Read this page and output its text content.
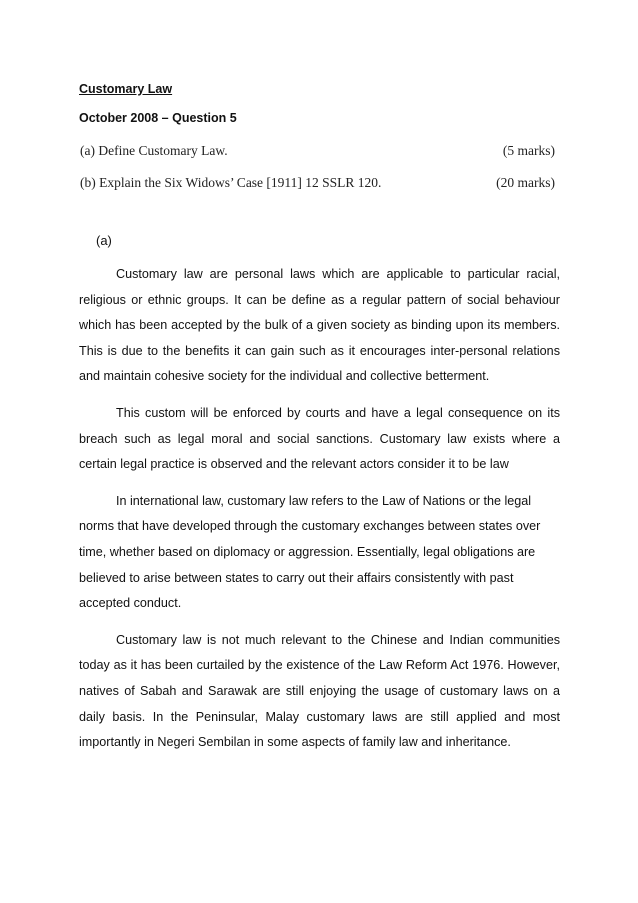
Customary Law
October 2008 – Question 5
(a) Define Customary Law.	(5 marks)
(b) Explain the Six Widows’ Case [1911] 12 SSLR 120.	(20 marks)
(a)

Customary law are personal laws which are applicable to particular racial, religious or ethnic groups. It can be define as a regular pattern of social behaviour which has been accepted by the bulk of a given society as binding upon its members. This is due to the benefits it can gain such as it encourages inter-personal relations and maintain cohesive society for the individual and collective betterment.

This custom will be enforced by courts and have a legal consequence on its breach such as legal moral and social sanctions. Customary law exists where a certain legal practice is observed and the relevant actors consider it to be law

In international law, customary law refers to the Law of Nations or the legal norms that have developed through the customary exchanges between states over time, whether based on diplomacy or aggression. Essentially, legal obligations are believed to arise between states to carry out their affairs consistently with past accepted conduct.

Customary law is not much relevant to the Chinese and Indian communities today as it has been curtailed by the existence of the Law Reform Act 1976. However, natives of Sabah and Sarawak are still enjoying the usage of customary laws on a daily basis. In the Peninsular, Malay customary laws are still applied and most importantly in Negeri Sembilan in some aspects of family law and inheritance.
